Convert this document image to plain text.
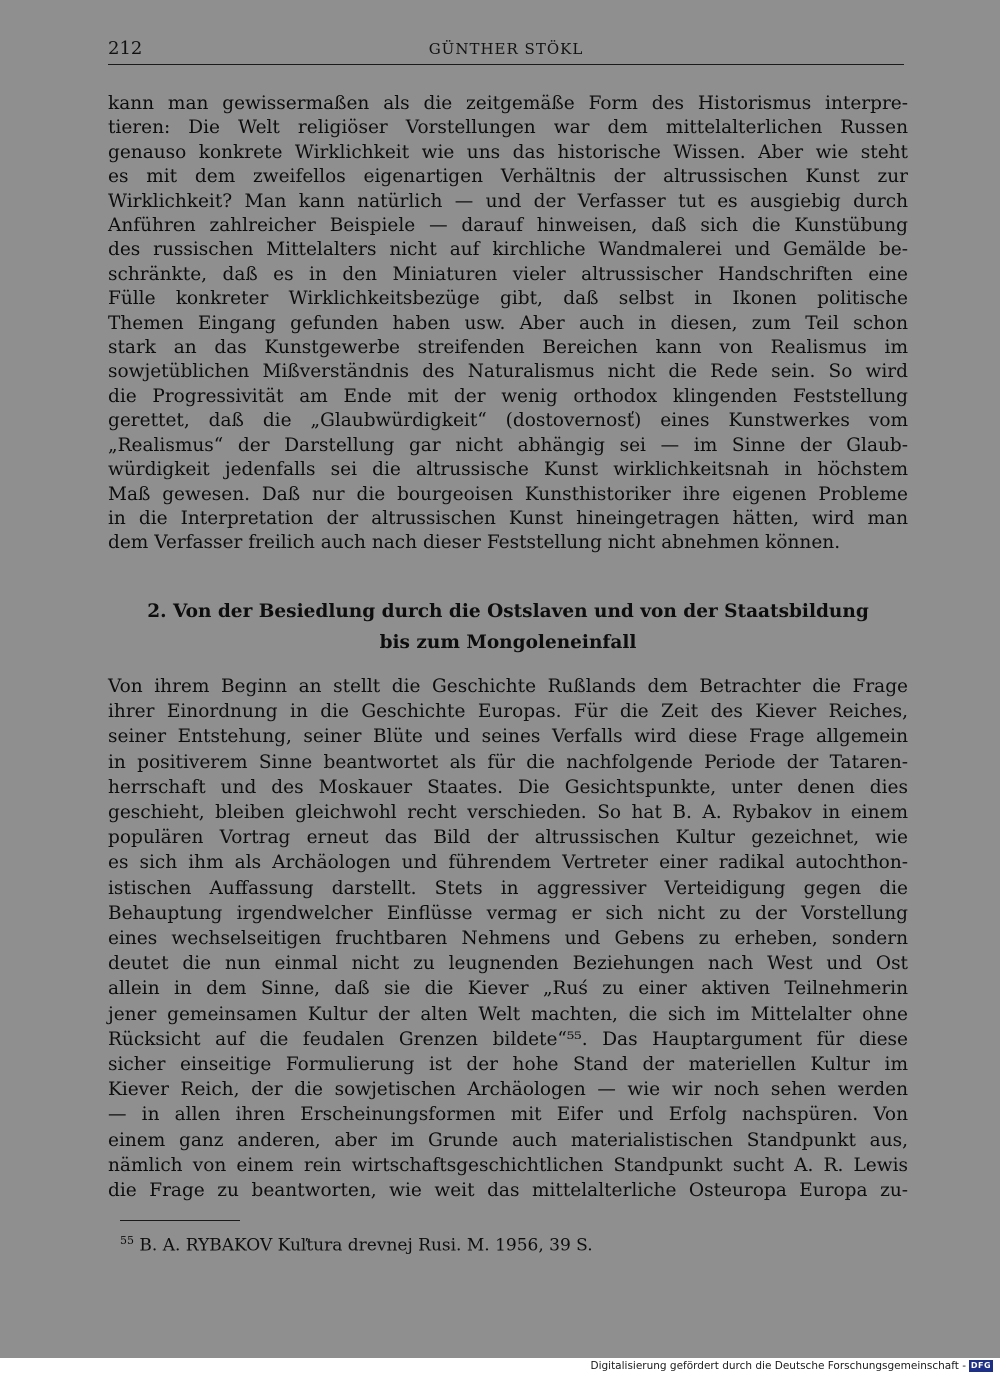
212	GÜNTHER STÖKL
kann man gewissermaßen als die zeitgemäße Form des Historismus interpre-
tieren: Die Welt religiöser Vorstellungen war dem mittelalterlichen Russen
genauso konkrete Wirklichkeit wie uns das historische Wissen. Aber wie steht
es mit dem zweifellos eigenartigen Verhältnis der altrussischen Kunst zur
Wirklichkeit? Man kann natürlich — und der Verfasser tut es ausgiebig durch
Anführen zahlreicher Beispiele — darauf hinweisen, daß sich die Kunstübung
des russischen Mittelalters nicht auf kirchliche Wandmalerei und Gemälde be-
schränkte, daß es in den Miniaturen vieler altrussischer Handschriften eine
Fülle konkreter Wirklichkeitsbezüge gibt, daß selbst in Ikonen politische
Themen Eingang gefunden haben usw. Aber auch in diesen, zum Teil schon
stark an das Kunstgewerbe streifenden Bereichen kann von Realismus im
sowjetüblichen Mißverständnis des Naturalismus nicht die Rede sein. So wird
die Progressivität am Ende mit der wenig orthodox klingenden Feststellung
gerettet, daß die „Glaubwürdigkeit“ (dostovernosť) eines Kunstwerkes vom
„Realismus“ der Darstellung gar nicht abhängig sei — im Sinne der Glaub-
würdigkeit jedenfalls sei die altrussische Kunst wirklichkeitsnah in höchstem
Maß gewesen. Daß nur die bourgeoisen Kunsthistoriker ihre eigenen Probleme
in die Interpretation der altrussischen Kunst hineingetragen hätten, wird man
dem Verfasser freilich auch nach dieser Feststellung nicht abnehmen können.
2. Von der Besiedlung durch die Ostslaven und von der Staatsbildung
bis zum Mongoleneinfall
Von ihrem Beginn an stellt die Geschichte Rußlands dem Betrachter die Frage
ihrer Einordnung in die Geschichte Europas. Für die Zeit des Kiever Reiches,
seiner Entstehung, seiner Blüte und seines Verfalls wird diese Frage allgemein
in positiverem Sinne beantwortet als für die nachfolgende Periode der Tataren-
herrschaft und des Moskauer Staates. Die Gesichtspunkte, unter denen dies
geschieht, bleiben gleichwohl recht verschieden. So hat B. A. Rybakov in einem
populären Vortrag erneut das Bild der altrussischen Kultur gezeichnet, wie
es sich ihm als Archäologen und führendem Vertreter einer radikal autochthon-
istischen Auffassung darstellt. Stets in aggressiver Verteidigung gegen die
Behauptung irgendwelcher Einflüsse vermag er sich nicht zu der Vorstellung
eines wechselseitigen fruchtbaren Nehmens und Gebens zu erheben, sondern
deutet die nun einmal nicht zu leugnenden Beziehungen nach West und Ost
allein in dem Sinne, daß sie die Kiever „Ruś zu einer aktiven Teilnehmerin
jener gemeinsamen Kultur der alten Welt machten, die sich im Mittelalter ohne
Rücksicht auf die feudalen Grenzen bildete“⁵⁵. Das Hauptargument für diese
sicher einseitige Formulierung ist der hohe Stand der materiellen Kultur im
Kiever Reich, der die sowjetischen Archäologen — wie wir noch sehen werden
— in allen ihren Erscheinungsformen mit Eifer und Erfolg nachspüren. Von
einem ganz anderen, aber im Grunde auch materialistischen Standpunkt aus,
nämlich von einem rein wirtschaftsgeschichtlichen Standpunkt sucht A. R. Lewis
die Frage zu beantworten, wie weit das mittelalterliche Osteuropa Europa zu-
$^{55}$ B. A. RYBAKOV Kuľtura drevnej Rusi. M. 1956, 39 S.
Digitalisierung gefördert durch die Deutsche Forschungsgemeinschaft - DFG
